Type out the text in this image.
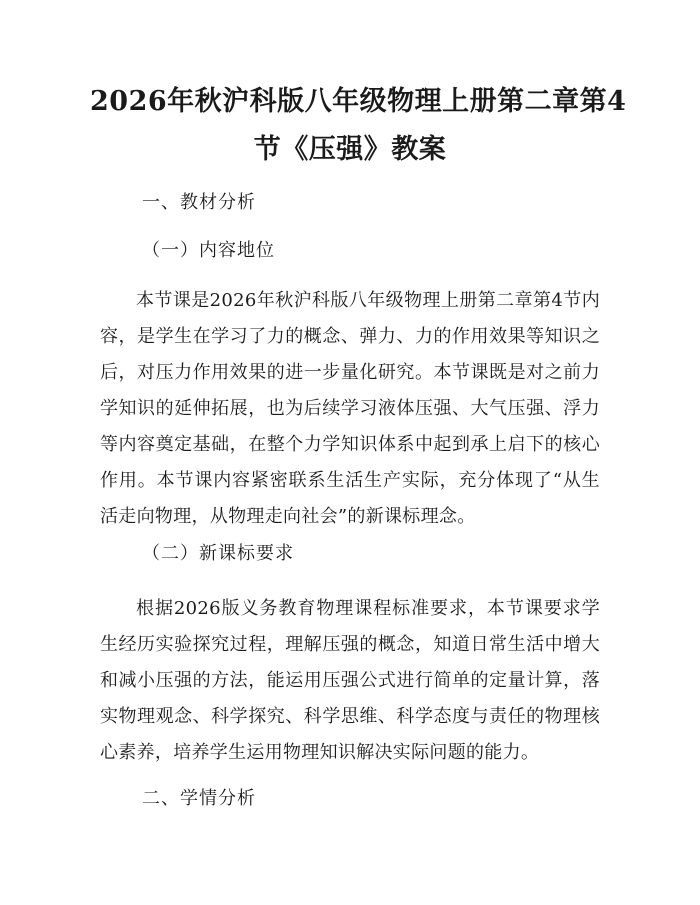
2026年秋沪科版八年级物理上册第二章第4
节《压强》教案
一、教材分析
（一）内容地位

本节课是2026年秋沪科版八年级物理上册第二章第4节内容，是学生在学习了力的概念、弹力、力的作用效果等知识之后，对压力作用效果的进一步量化研究。本节课既是对之前力学知识的延伸拓展，也为后续学习液体压强、大气压强、浮力等内容奠定基础，在整个力学知识体系中起到承上启下的核心作用。本节课内容紧密联系生活生产实际，充分体现了“从生活走向物理，从物理走向社会”的新课标理念。

（二）新课标要求

根据2026版义务教育物理课程标准要求，本节课要求学生经历实验探究过程，理解压强的概念，知道日常生活中增大和减小压强的方法，能运用压强公式进行简单的定量计算，落实物理观念、科学探究、科学思维、科学态度与责任的物理核心素养，培养学生运用物理知识解决实际问题的能力。

二、学情分析
